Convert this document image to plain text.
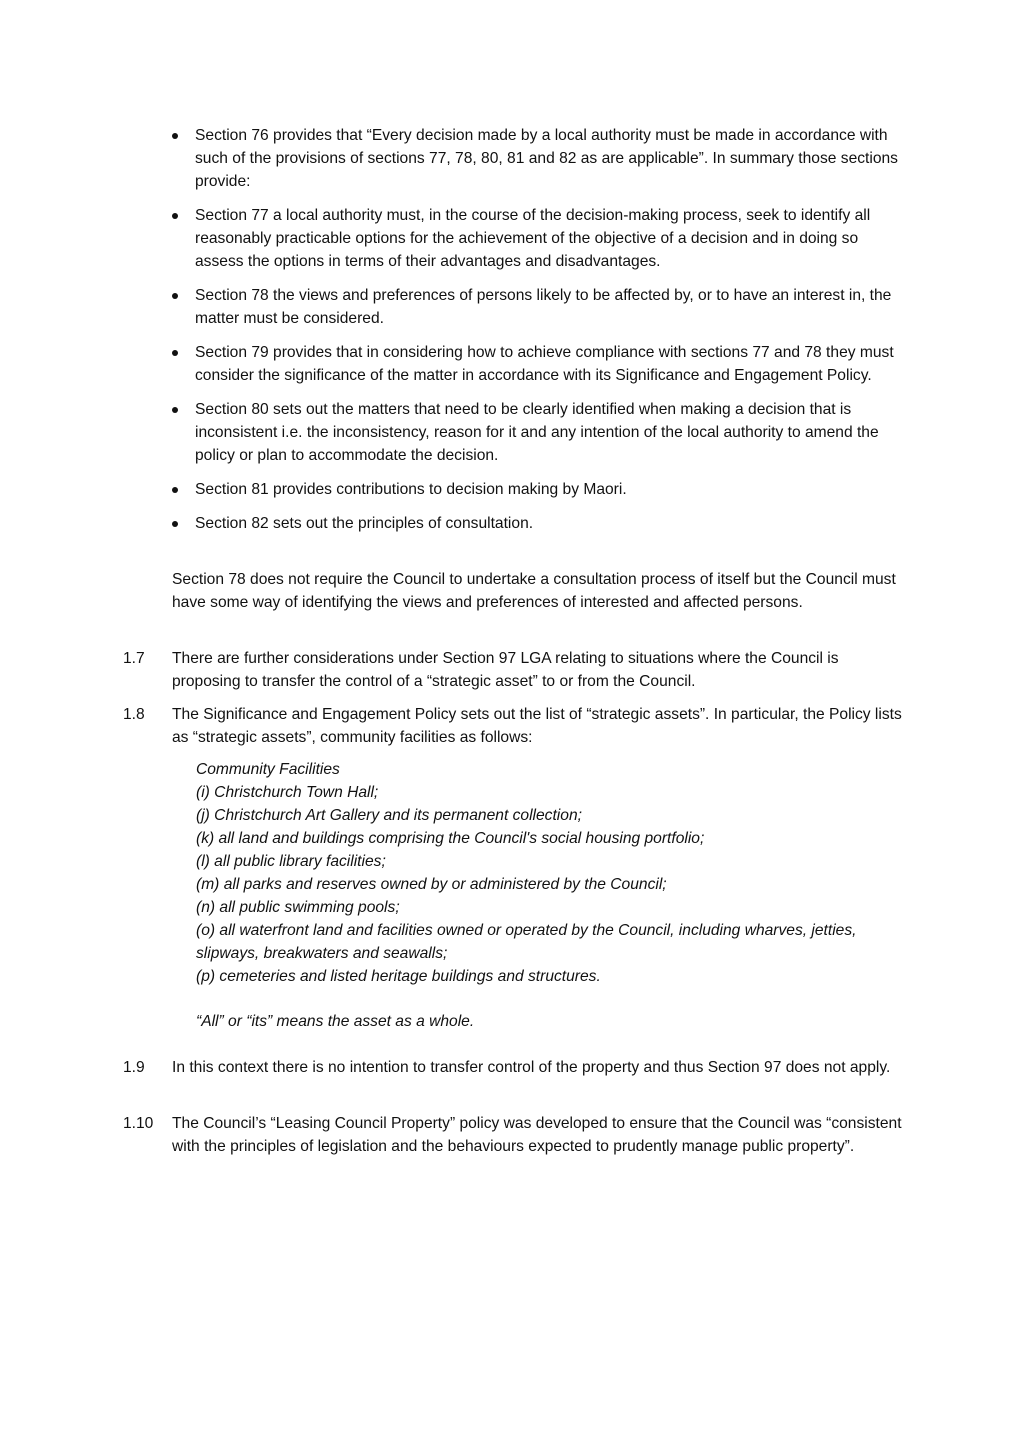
Section 76 provides that “Every decision made by a local authority must be made in accordance with such of the provisions of sections 77, 78, 80, 81 and 82 as are applicable”. In summary those sections provide:
Section 77 a local authority must, in the course of the decision-making process, seek to identify all reasonably practicable options for the achievement of the objective of a decision and in doing so assess the options in terms of their advantages and disadvantages.
Section 78 the views and preferences of persons likely to be affected by, or to have an interest in, the matter must be considered.
Section 79 provides that in considering how to achieve compliance with sections 77 and 78 they must consider the significance of the matter in accordance with its Significance and Engagement Policy.
Section 80 sets out the matters that need to be clearly identified when making a decision that is inconsistent i.e. the inconsistency, reason for it and any intention of the local authority to amend the policy or plan to accommodate the decision.
Section 81 provides contributions to decision making by Maori.
Section 82 sets out the principles of consultation.

Section 78 does not require the Council to undertake a consultation process of itself but the Council must have some way of identifying the views and preferences of interested and affected persons.

1.7 There are further considerations under Section 97 LGA relating to situations where the Council is proposing to transfer the control of a “strategic asset” to or from the Council.

1.8 The Significance and Engagement Policy sets out the list of “strategic assets”. In particular, the Policy lists as “strategic assets”, community facilities as follows:

Community Facilities
(i) Christchurch Town Hall;
(j) Christchurch Art Gallery and its permanent collection;
(k) all land and buildings comprising the Council's social housing portfolio;
(l) all public library facilities;
(m) all parks and reserves owned by or administered by the Council;
(n) all public swimming pools;
(o) all waterfront land and facilities owned or operated by the Council, including wharves, jetties, slipways, breakwaters and seawalls;
(p) cemeteries and listed heritage buildings and structures.

“All” or “its” means the asset as a whole.

1.9 In this context there is no intention to transfer control of the property and thus Section 97 does not apply.

1.10 The Council’s “Leasing Council Property” policy was developed to ensure that the Council was “consistent with the principles of legislation and the behaviours expected to prudently manage public property”.
